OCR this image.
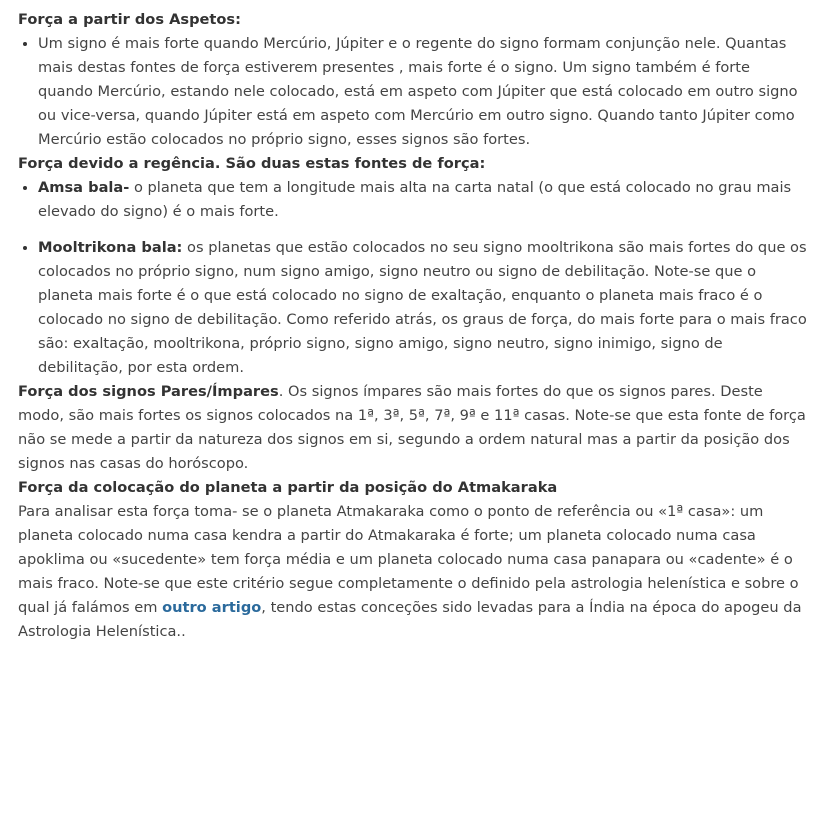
Força a partir dos Aspetos:
• Um signo é mais forte quando Mercúrio, Júpiter e o regente do signo formam conjunção nele. Quantas mais destas fontes de força estiverem presentes , mais forte é o signo. Um signo também é forte quando Mercúrio, estando nele colocado, está em aspeto com Júpiter que está colocado em outro signo ou vice-versa, quando Júpiter está em aspeto com Mercúrio em outro signo. Quando tanto Júpiter como Mercúrio estão colocados no próprio signo, esses signos são fortes.
Força devido a regência. São duas estas fontes de força:
• Amsa bala- o planeta que tem a longitude mais alta na carta natal (o que está colocado no grau mais elevado do signo) é o mais forte.
• Mooltrikona bala: os planetas que estão colocados no seu signo mooltrikona são mais fortes do que os colocados no próprio signo, num signo amigo, signo neutro ou signo de debilitação. Note-se que o planeta mais forte é o que está colocado no signo de exaltação, enquanto o planeta mais fraco é o colocado no signo de debilitação. Como referido atrás, os graus de força, do mais forte para o mais fraco são: exaltação, mooltrikona, próprio signo, signo amigo, signo neutro, signo inimigo, signo de debilitação, por esta ordem.

Força dos signos Pares/Ímpares. Os signos ímpares são mais fortes do que os signos pares. Deste modo, são mais fortes os signos colocados na 1ª, 3ª, 5ª, 7ª, 9ª e 11ª casas. Note-se que esta fonte de força não se mede a partir da natureza dos signos em si, segundo a ordem natural mas a partir da posição dos signos nas casas do horóscopo.

Força da colocação do planeta a partir da posição do Atmakaraka

Para analisar esta força toma- se o planeta Atmakaraka como o ponto de referência ou «1ª casa»: um planeta colocado numa casa kendra a partir do Atmakaraka é forte; um planeta colocado numa casa apoklima ou «sucedente» tem força média e um planeta colocado numa casa panapara ou «cadente» é o mais fraco. Note-se que este critério segue completamente o definido pela astrologia helenística e sobre o qual já falámos em outro artigo, tendo estas conceções sido levadas para a Índia na época do apogeu da Astrologia Helenística..
